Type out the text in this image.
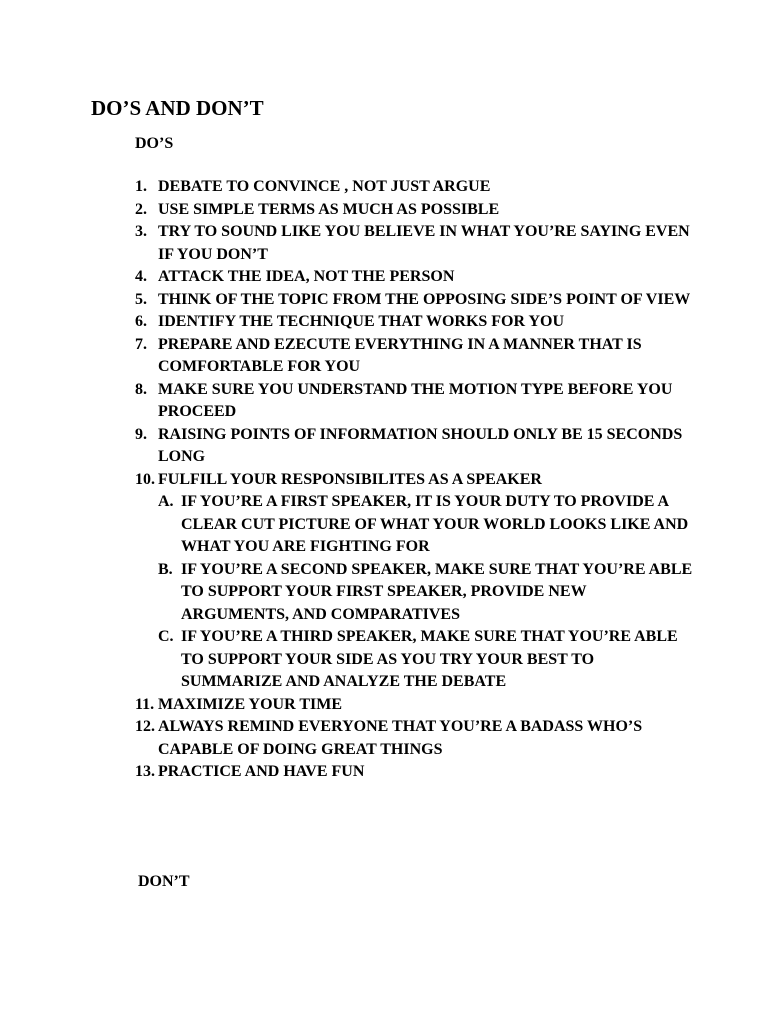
DO’S AND DON’T
DO’S
1. DEBATE TO CONVINCE , NOT JUST ARGUE
2. USE SIMPLE TERMS AS MUCH AS POSSIBLE
3. TRY TO SOUND LIKE YOU BELIEVE IN WHAT YOU’RE SAYING EVEN IF YOU DON’T
4. ATTACK THE IDEA, NOT THE PERSON
5. THINK OF THE TOPIC FROM THE OPPOSING SIDE’S POINT OF VIEW
6. IDENTIFY THE TECHNIQUE THAT WORKS FOR YOU
7. PREPARE AND EZECUTE EVERYTHING IN A MANNER THAT IS COMFORTABLE FOR YOU
8. MAKE SURE YOU UNDERSTAND THE MOTION TYPE BEFORE YOU PROCEED
9. RAISING POINTS OF INFORMATION SHOULD ONLY BE 15 SECONDS LONG
10. FULFILL YOUR RESPONSIBILITES AS A SPEAKER
A. IF YOU’RE A FIRST SPEAKER, IT IS YOUR DUTY TO PROVIDE A CLEAR CUT PICTURE OF WHAT YOUR WORLD LOOKS LIKE AND WHAT YOU ARE FIGHTING FOR
B. IF YOU’RE A SECOND SPEAKER, MAKE SURE THAT YOU’RE ABLE TO SUPPORT YOUR FIRST SPEAKER, PROVIDE NEW ARGUMENTS, AND COMPARATIVES
C. IF YOU’RE A THIRD SPEAKER, MAKE SURE THAT YOU’RE ABLE TO SUPPORT YOUR SIDE AS YOU TRY YOUR BEST TO SUMMARIZE AND ANALYZE THE DEBATE
11. MAXIMIZE YOUR TIME
12. ALWAYS REMIND EVERYONE THAT YOU’RE A BADASS WHO’S CAPABLE OF DOING GREAT THINGS
13. PRACTICE AND HAVE FUN
DON’T
